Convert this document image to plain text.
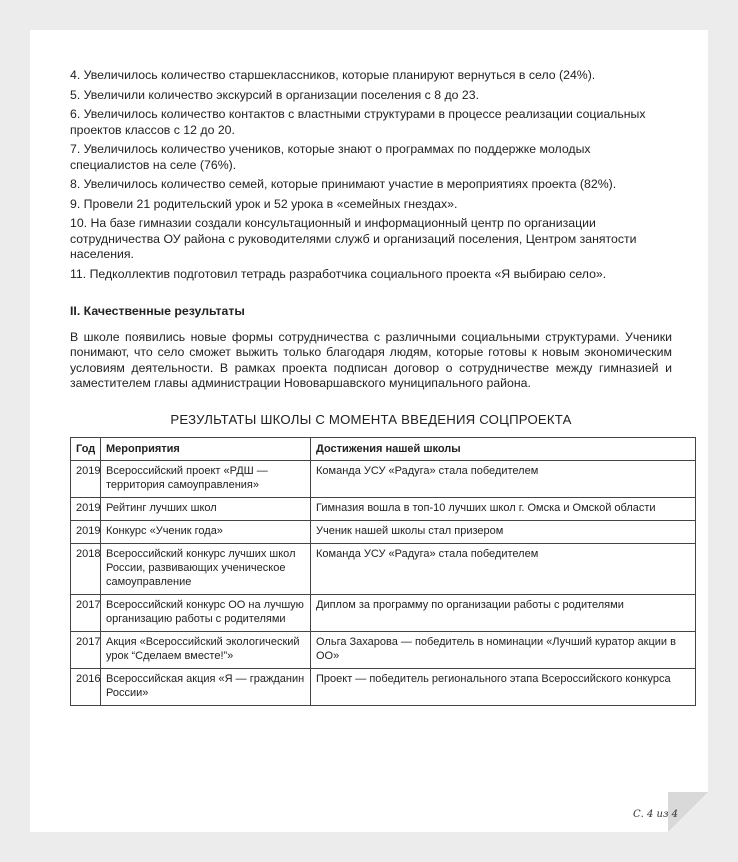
4. Увеличилось количество старшеклассников, которые планируют вернуться в село (24%).
5. Увеличили количество экскурсий в организации поселения с 8 до 23.
6. Увеличилось количество контактов с властными структурами в процессе реализации социальных проектов классов с 12 до 20.
7. Увеличилось количество учеников, которые знают о программах по поддержке молодых специалистов на селе (76%).
8. Увеличилось количество семей, которые принимают участие в мероприятиях проекта (82%).
9. Провели 21 родительский урок и 52 урока в «семейных гнездах».
10. На базе гимназии создали консультационный и информационный центр по организации сотрудничества ОУ района с руководителями служб и организаций поселения, Центром занятости населения.
11. Педколлектив подготовил тетрадь разработчика социального проекта «Я выбираю село».
II. Качественные результаты

В школе появились новые формы сотрудничества с различными социальными структурами. Ученики понимают, что село сможет выжить только благодаря людям, которые готовы к новым экономическим условиям деятельности. В рамках проекта подписан договор о сотрудничестве между гимназией и заместителем главы администрации Нововаршавского муниципального района.

РЕЗУЛЬТАТЫ ШКОЛЫ С МОМЕНТА ВВЕДЕНИЯ СОЦПРОЕКТА
Год	Мероприятия	Достижения нашей школы
2019	Всероссийский проект «РДШ — территория самоуправления»	Команда УСУ «Радуга» стала победителем
2019	Рейтинг лучших школ	Гимназия вошла в топ-10 лучших школ г. Омска и Омской области
2019	Конкурс «Ученик года»	Ученик нашей школы стал призером
2018	Всероссийский конкурс лучших школ России, развивающих ученическое самоуправление	Команда УСУ «Радуга» стала победителем
2017	Всероссийский конкурс ОО на лучшую организацию работы с родителями	Диплом за программу по организации работы с родителями
2017	Акция «Всероссийский экологический урок “Сделаем вместе!”»	Ольга Захарова — победитель в номинации «Лучший куратор акции в ОО»
2016	Всероссийская акция «Я — гражданин России»	Проект — победитель регионального этапа Всероссийского конкурса
С. 4 из 4
